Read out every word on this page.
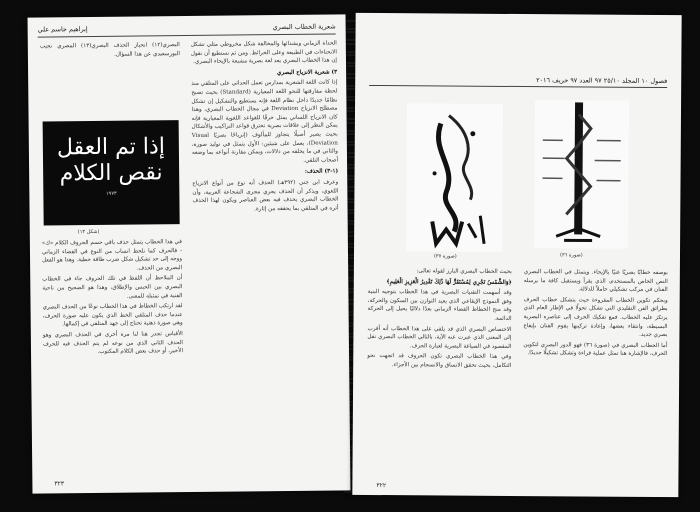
شعرية الخطاب البصري
إبراهيم جاسم علي

الحداة الزماني وبشدائها والمخالفة شكل مخروطي مثلي تشكل الانحناءات في الطبيعة وعلى الخرائط. ومن ثم نستطيع أن نقول إن هذا الخطاب البصري يعد لغة بصرية مشبعة بالإيحاء البصري.

٣) شعرية الانزياح البصري

إذا كانت اللغة الشعرية بمدارس تعمل الحداثي على المتلقي منذ لحظة مفارقتها للنحو اللغة المعيارية (Standard) بحيث تصبح نظامًا جديدًا داخل نظام اللغة فإنه يستطيع والتشكيل إن تشكل مصطلح الانزياح Deviation في مجال الخطاب البصري، وهذا كان الانزياح اللساني يمثل خرقًا للقواعد اللغوية المعيارية فإنه يمكن النظر إلى علاقات بصرية تخترق قواعد التراكيب والأشكال بحيث يصير أصيلًا يتجاوز للمألوف (إنزياحًا بصريًا Visual Deviation)، يعمل على شيئين: الأول يتمثل في توليد صورة، والثاني في ما يخلقه من دلالات، ويمكن مقارنة أنواعه بما وضعه أصحاب التلقي.

(١-٣) الحذف:

وعرف ابن جني (٣٩٢هـ) الحذف أنه نوع من أنواع الانزياح اللغوي، ويذكر أن الحذف يجري مجرى الشجاعة العربية، وأن الخطاب البصري يحذف فيه بعض العناصر ويكون لهذا الحذف أثره في المتلقي بما يحققه من إثارة.

البصري(١٢) انحياز الحذف البصري(١٣) المصري نجيب البورسعيدي عن هذا السؤال.

إذا تم العقل
نقص الكلام
١٩٧٣
(شكل ١٣)

في هذا الخطاب يتمثل حذف باقي حسم الحروف الكلام «ك» - فالحرف كما نلحظ انساب من النوع في الفضاء الزماني ووجه إلى حد تشكيل شكل ضرب طاقة خطية. وهذا هو الفعل البصري من الحذف.

أن الملاحظ أن اللفظ في تلك الحروف جاء في الخطاب البصري بين الحبس والإطلاق، وهذا هو الصحيح من ناحية الفنية في تمثيله للمعنى.

لقد ارتكب الخطاط في هذا الخطاب نوعًا من الحذف البصري عندما حذف المتلقي الخط الذي يكون عليه صورة الحرف، وهي صورة ذهنية تحتاج إلى جهد المتلقي في إكمالها.

الأقباس تجدر هنا لنا مرة أخرى في الحذف البصري وهو الحذف الثاني الذي من نوعه لم يتم الحذف فيه للحرف الأخير، أو حذف بعض الكلام المكتوب.

٣٢٣
فصول ١٠ المجلد ٢٥/١٠ ٩٧ العدد ٩٧ خريف ٢٠١٦
(صورة ٣٧)	(صورة ٣٦)

بوصفه خطابًا بصريًا غنيًا بالإيحاء. ويتمثل في الخطاب البصري النص الخاص بالمستخدم، الذي يقرأ ويستقبل كافة ما يرسله الفنان في مركب تشكيلي حاملاً للدلالة.

وبحكم تكوين الخطاب المقروءة حيث يتشكل خطاب الحرف بطرائق الفن التقليدي التي تشكل تحولًا في الإطار العام الذي يرتكز عليه الخطاب. فمع تفكيك الحرف إلى عناصره البصرية البسيطة، وانتقاء بعضها، وإعادة تركيبها يقوم الفنان بإيقاع بصري جديد.

أما الخطاب البصري في (صورة ٣٦) فهو الدور البصري لتكوين الحرف، فالإشارة هنا تمثل عملية قراءة وتشكل تشكيلًا جديدًا.

بحيث الخطاب البصري البارز لقوله تعالى:

﴿وَالشَّمْسُ تَجْرِي لِمُسْتَقَرٍّ لَهَا ذَٰلِكَ تَقْدِيرُ الْعَزِيزِ الْعَلِيمِ﴾

وقد أسهمت التقنيات البصرية في هذا الخطاب بتوجيه البنية وفق النموذج الإيقاعي الذي يعيد التوازن بين السكون والحركة، وقد منح الخطاط الفضاء الزماني بعدًا دلاليًا يحيل إلى الحركة الدائمة.

الاختصاص البصري الذي قد يلقي على هذا الخطاب أنه أقرب إلى المعنى الذي عبرت عنه الآية، بالتالي الخطاب البصري نقل المقصود في الصياغة البصرية لعبارة الحرف.

وفي هذا الخطاب البصري تكون الحروف قد اتجهت نحو التكامل، بحيث تحقق الاتساق والانسجام بين الأجزاء.

٣٢٢
